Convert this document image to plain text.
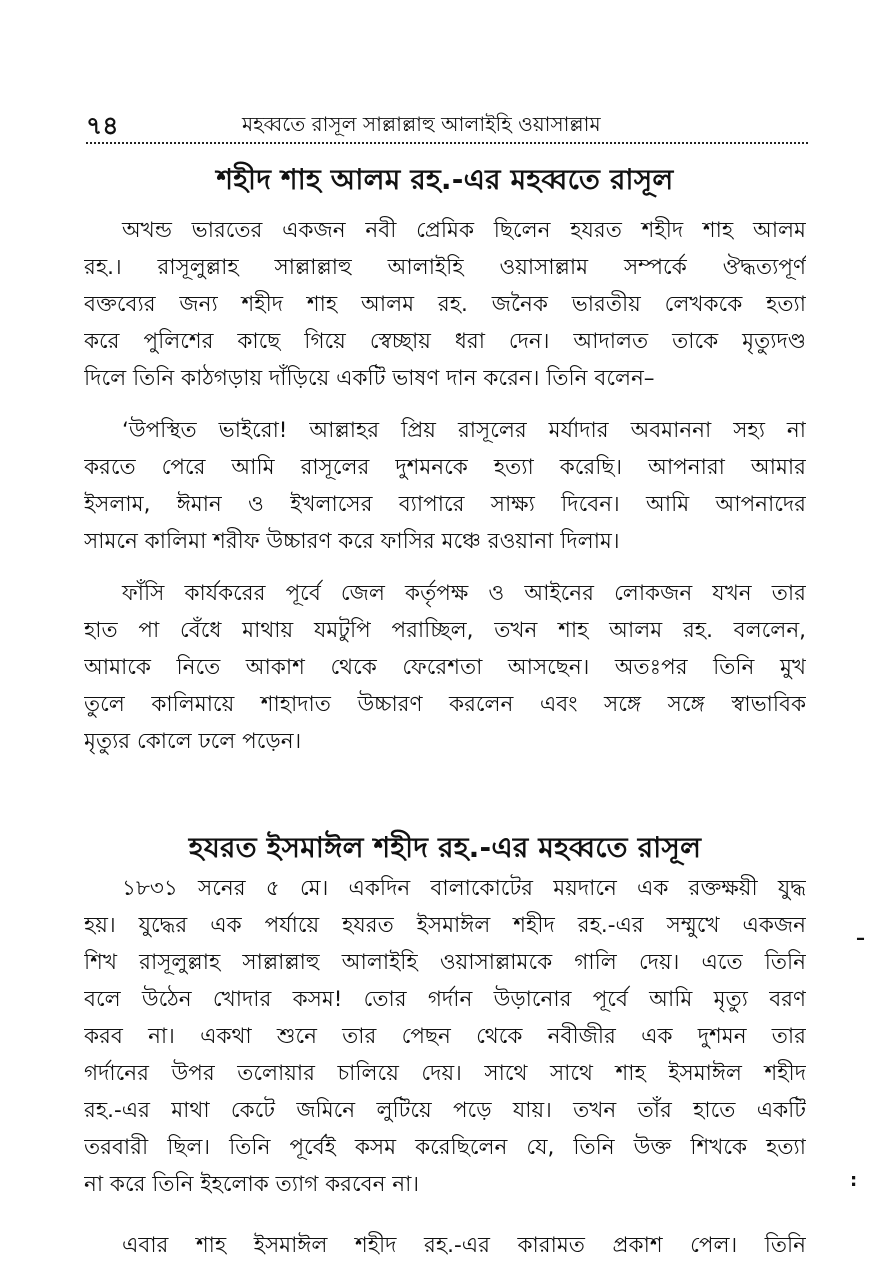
৭৪	মহব্বতে রাসূল সাল্লাল্লাহু আলাইহি ওয়াসাল্লাম
শহীদ শাহ আলম রহ.-এর মহব্বতে রাসূল
অখন্ড ভারতের একজন নবী প্রেমিক ছিলেন হযরত শহীদ শাহ আলম
রহ.। রাসূলুল্লাহ সাল্লাল্লাহু আলাইহি ওয়াসাল্লাম সম্পর্কে ঔদ্ধত্যপূর্ণ
বক্তব্যের জন্য শহীদ শাহ আলম রহ. জনৈক ভারতীয় লেখককে হত্যা
করে পুলিশের কাছে গিয়ে স্বেচ্ছায় ধরা দেন। আদালত তাকে মৃত্যুদণ্ড
দিলে তিনি কাঠগড়ায় দাঁড়িয়ে একটি ভাষণ দান করেন। তিনি বলেন–
‘উপস্থিত ভাইরো! আল্লাহর প্রিয় রাসূলের মর্যাদার অবমাননা সহ্য না
করতে পেরে আমি রাসূলের দুশমনকে হত্যা করেছি। আপনারা আমার
ইসলাম, ঈমান ও ইখলাসের ব্যাপারে সাক্ষ্য দিবেন। আমি আপনাদের
সামনে কালিমা শরীফ উচ্চারণ করে ফাসির মঞ্চে রওয়ানা দিলাম।
ফাঁসি কার্যকরের পূর্বে জেল কর্তৃপক্ষ ও আইনের লোকজন যখন তার
হাত পা বেঁধে মাথায় যমটুপি পরাচ্ছিল, তখন শাহ আলম রহ. বললেন,
আমাকে নিতে আকাশ থেকে ফেরেশতা আসছেন। অতঃপর তিনি মুখ
তুলে কালিমায়ে শাহাদাত উচ্চারণ করলেন এবং সঙ্গে সঙ্গে স্বাভাবিক
মৃত্যুর কোলে ঢলে পড়েন।
হযরত ইসমাঈল শহীদ রহ.-এর মহব্বতে রাসূল
১৮৩১ সনের ৫ মে। একদিন বালাকোটের ময়দানে এক রক্তক্ষয়ী যুদ্ধ
হয়। যুদ্ধের এক পর্যায়ে হযরত ইসমাঈল শহীদ রহ.-এর সম্মুখে একজন
শিখ রাসূলুল্লাহ সাল্লাল্লাহু আলাইহি ওয়াসাল্লামকে গালি দেয়। এতে তিনি
বলে উঠেন খোদার কসম! তোর গর্দান উড়ানোর পূর্বে আমি মৃত্যু বরণ
করব না। একথা শুনে তার পেছন থেকে নবীজীর এক দুশমন তার
গর্দানের উপর তলোয়ার চালিয়ে দেয়। সাথে সাথে শাহ ইসমাঈল শহীদ
রহ.-এর মাথা কেটে জমিনে লুটিয়ে পড়ে যায়। তখন তাঁর হাতে একটি
তরবারী ছিল। তিনি পূর্বেই কসম করেছিলেন যে, তিনি উক্ত শিখকে হত্যা
না করে তিনি ইহলোক ত্যাগ করবেন না।
এবার শাহ ইসমাঈল শহীদ রহ.-এর কারামত প্রকাশ পেল। তিনি
–
:
